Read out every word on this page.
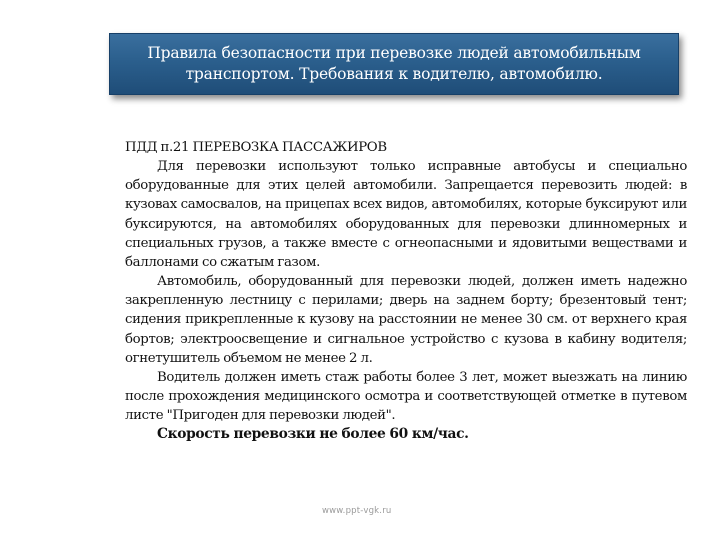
Правила безопасности при перевозке людей автомобильным транспортом. Требования к водителю, автомобилю.

ПДД п.21 ПЕРЕВОЗКА ПАССАЖИРОВ

Для перевозки используют только исправные автобусы и специально оборудованные для этих целей автомобили. Запрещается перевозить людей: в кузовах самосвалов, на прицепах всех видов, автомобилях, которые буксируют или буксируются, на автомобилях оборудованных для перевозки длинномерных и специальных грузов, а также вместе с огнеопасными и ядовитыми веществами и баллонами со сжатым газом.

Автомобиль, оборудованный для перевозки людей, должен иметь надежно закрепленную лестницу с перилами; дверь на заднем борту; брезентовый тент; сидения прикрепленные к кузову на расстоянии не менее 30 см. от верхнего края бортов; электроосвещение и сигнальное устройство с кузова в кабину водителя; огнетушитель объемом не менее 2 л.

Водитель должен иметь стаж работы более 3 лет, может выезжать на линию после прохождения медицинского осмотра и соответствующей отметке в путевом листе "Пригоден для перевозки людей".

Скорость перевозки не более 60 км/час.

www.ppt-vgk.ru
